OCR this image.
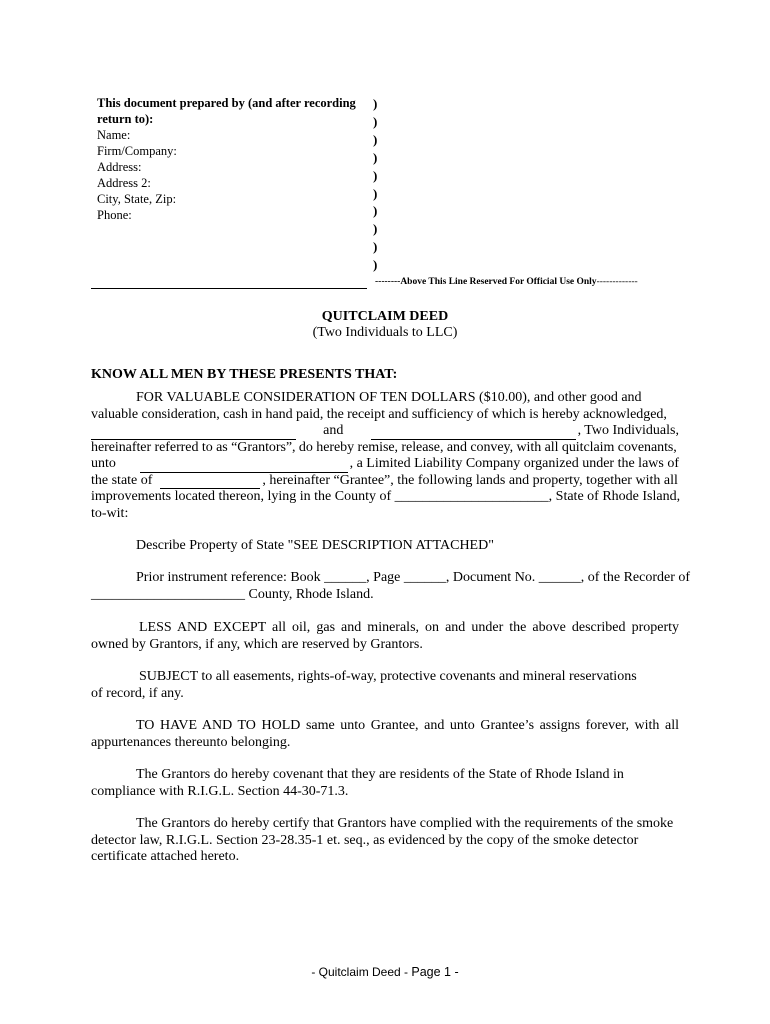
This document prepared by (and after recording
return to):
Name:
Firm/Company:
Address:
Address 2:
City, State, Zip:
Phone:
)
)
)
)
)
)
)
)
)
)
--------Above This Line Reserved For Official Use Only-------------
QUITCLAIM DEED
(Two Individuals to LLC)
KNOW ALL MEN BY THESE PRESENTS THAT:
FOR VALUABLE CONSIDERATION OF TEN DOLLARS ($10.00), and other good and
valuable consideration, cash in hand paid, the receipt and sufficiency of which is hereby acknowledged,
and	, Two Individuals,
hereinafter referred to as “Grantors”, do hereby remise, release, and convey, with all quitclaim covenants,
unto	, a Limited Liability Company organized under the laws of
the state of	, hereinafter “Grantee”, the following lands and property, together with all
improvements located thereon, lying in the County of ______________________, State of Rhode Island,
to-wit:
Describe Property of State "SEE DESCRIPTION ATTACHED"
Prior instrument reference: Book ______, Page ______, Document No. ______, of the Recorder of
______________________ County, Rhode Island.
LESS AND EXCEPT all oil, gas and minerals, on and under the above described property owned by Grantors, if any, which are reserved by Grantors.
SUBJECT to all easements, rights-of-way, protective covenants and mineral reservations of record, if any.
TO HAVE AND TO HOLD same unto Grantee, and unto Grantee’s assigns forever, with all appurtenances thereunto belonging.
The Grantors do hereby covenant that they are residents of the State of Rhode Island in compliance with R.I.G.L. Section 44-30-71.3.
The Grantors do hereby certify that Grantors have complied with the requirements of the smoke detector law, R.I.G.L. Section 23-28.35-1 et. seq., as evidenced by the copy of the smoke detector certificate attached hereto.
- Quitclaim Deed - Page 1 -
